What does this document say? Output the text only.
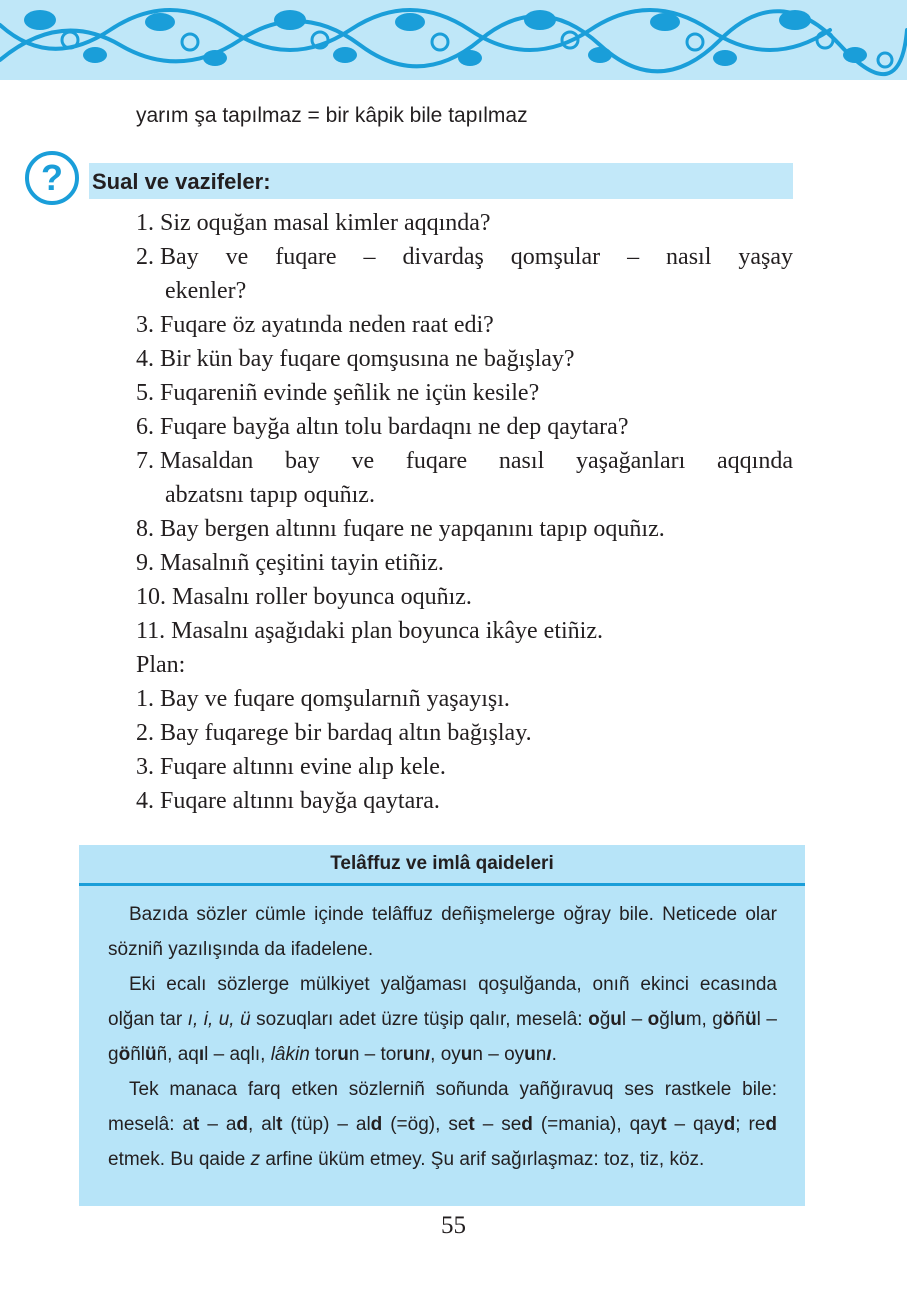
yarım şa tapılmaz = bir kâpik bile tapılmaz
? Sual ve vazifeler:
1. Siz oquğan masal kimler aqqında?
2. Bay ve fuqare – divardaş qomşular – nasıl yaşay
ekenler?
3. Fuqare öz ayatında neden raat edi?
4. Bir kün bay fuqare qomşusına ne bağışlay?
5. Fuqareniñ evinde şeñlik ne içün kesile?
6. Fuqare bayğa altın tolu bardaqnı ne dep qaytara?
7. Masaldan bay ve fuqare nasıl yaşağanları aqqında
abzatsnı tapıp oquñız.
8. Bay bergen altınnı fuqare ne yapqanını tapıp oquñız.
9. Masalnıñ çeşitini tayin etiñiz.
10. Masalnı roller boyunca oquñız.
11. Masalnı aşağıdaki plan boyunca ikâye etiñiz.
Plan:
1. Bay ve fuqare qomşularnıñ yaşayışı.
2. Bay fuqarege bir bardaq altın bağışlay.
3. Fuqare altınnı evine alıp kele.
4. Fuqare altınnı bayğa qaytara.
Telâffuz ve imlâ qaideleri

Bazıda sözler cümle içinde telâffuz deñişmelerge oğray bile. Neticede olar sözniñ yazılışında da ifadelene.

Eki ecalı sözlerge mülkiyet yalğaması qoşulğanda, onıñ ekinci ecasında olğan tar ı, i, u, ü sozuqları adet üzre tüşip qalır, meselâ: oğul – oğlum, göñül – göñlüñ, aqıl – aqlı, lâkin torun – torunı, oyun – oyunı.

Tek manaca farq etken sözlerniñ soñunda yañğıravuq ses rastkele bile: meselâ: at – ad, alt (tüp) – ald (=ög), set – sed (=mania), qayt – qayd; red etmek. Bu qaide z arfine üküm etmey. Şu arif sağırlaşmaz: toz, tiz, köz.

55
